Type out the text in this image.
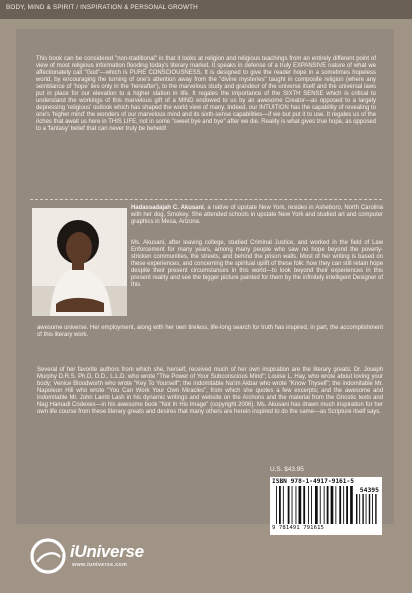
BODY, MIND & SPIRIT / INSPIRATION & PERSONAL GROWTH

This book can be considered "non-traditional" in that it looks at religion and religious teachings from an entirely different point of view of most religious information flooding today's literary market. It speaks in defense of a truly EXPANSIVE nature of what we affectionately call "God"—which is PURE CONSCIOUSNESS. It is designed to give the reader hope in a sometimes hopeless world, by encouraging the turning of one's attention away from the "divine mysteries" taught in composite religion (where any semblance of 'hope' lies only in the 'hereafter'), to the marvelous study and grandeur of the universe itself and the universal laws put in place for our elevation to a higher station in life. It regales the importance of the SIXTH SENSE which is critical to understand the workings of this marvelous gift of a MIND endowed to us by an awesome Creator—as opposed to a largely depressing 'religious' outlook which has shaped the world view of many. Indeed, our INTUITION has the capability of revealing to one's 'higher mind' the wonders of our marvelous mind and its sixth-sense capabilities—if we but put it to use. It regales us of the riches that await us here in THIS LIFE, not in some "sweet bye and bye" after we die. Reality is what gives true hope, as opposed to a 'fantasy' belief that can never truly be beheld!

Hadassadajah C. Akusani, a native of upstate New York, resides in Asheboro, North Carolina with her dog, Smokey. She attended schools in upstate New York and studied art and computer graphics in Mesa, Arizona.

Ms. Akusani, after leaving college, studied Criminal Justice, and worked in the field of Law Enforcement for many years, among many people who saw no hope beyond the poverty-stricken communities, the streets, and behind the prison walls. Most of her writing is based on these experiences, and concerning the spiritual uplift of these folk: how they can still retain hope despite their present circumstances in this world—to look beyond their experiences in this present reality and see the bigger picture painted for them by the infinitely intelligent Designer of this

awesome universe. Her employment, along with her own tireless, life-long search for truth has inspired, in part, the accomplishment of this literary work.

Several of her favorite authors from which she, herself, received much of her own inspiration are the literary greats: Dr. Joseph Murphy D.R.S. Ph.D, D.D., L.L.D. who wrote "The Power of Your Subconscious Mind"; Louise L. Hay, who wrote about loving your body; Venice Bloodworth who wrote "Key To Yourself"; the indomitable Na'im Akbar who wrote "Know Thyself"; the indomitable Mr. Napoleon Hill who wrote "You Can Work Your Own Miracles", from which she quotes a few excerpts; and the awesome and indomitable Mr. John Lamb Lash in his dynamic writings and website on the Archons and the material from the Gnostic texts and Nag Hamadi Codexes—in his awesome book "Not In His Image" (copyright 2006). Ms. Akusani has drawn much inspiration for her own life course from these literary greats and desires that many others are herein inspired to do the same—as Scripture itself says.

U.S. $43.95
ISBN 978-1-4917-9161-5
54395
9 781491 791615
iUniverse
www.iuniverse.com
